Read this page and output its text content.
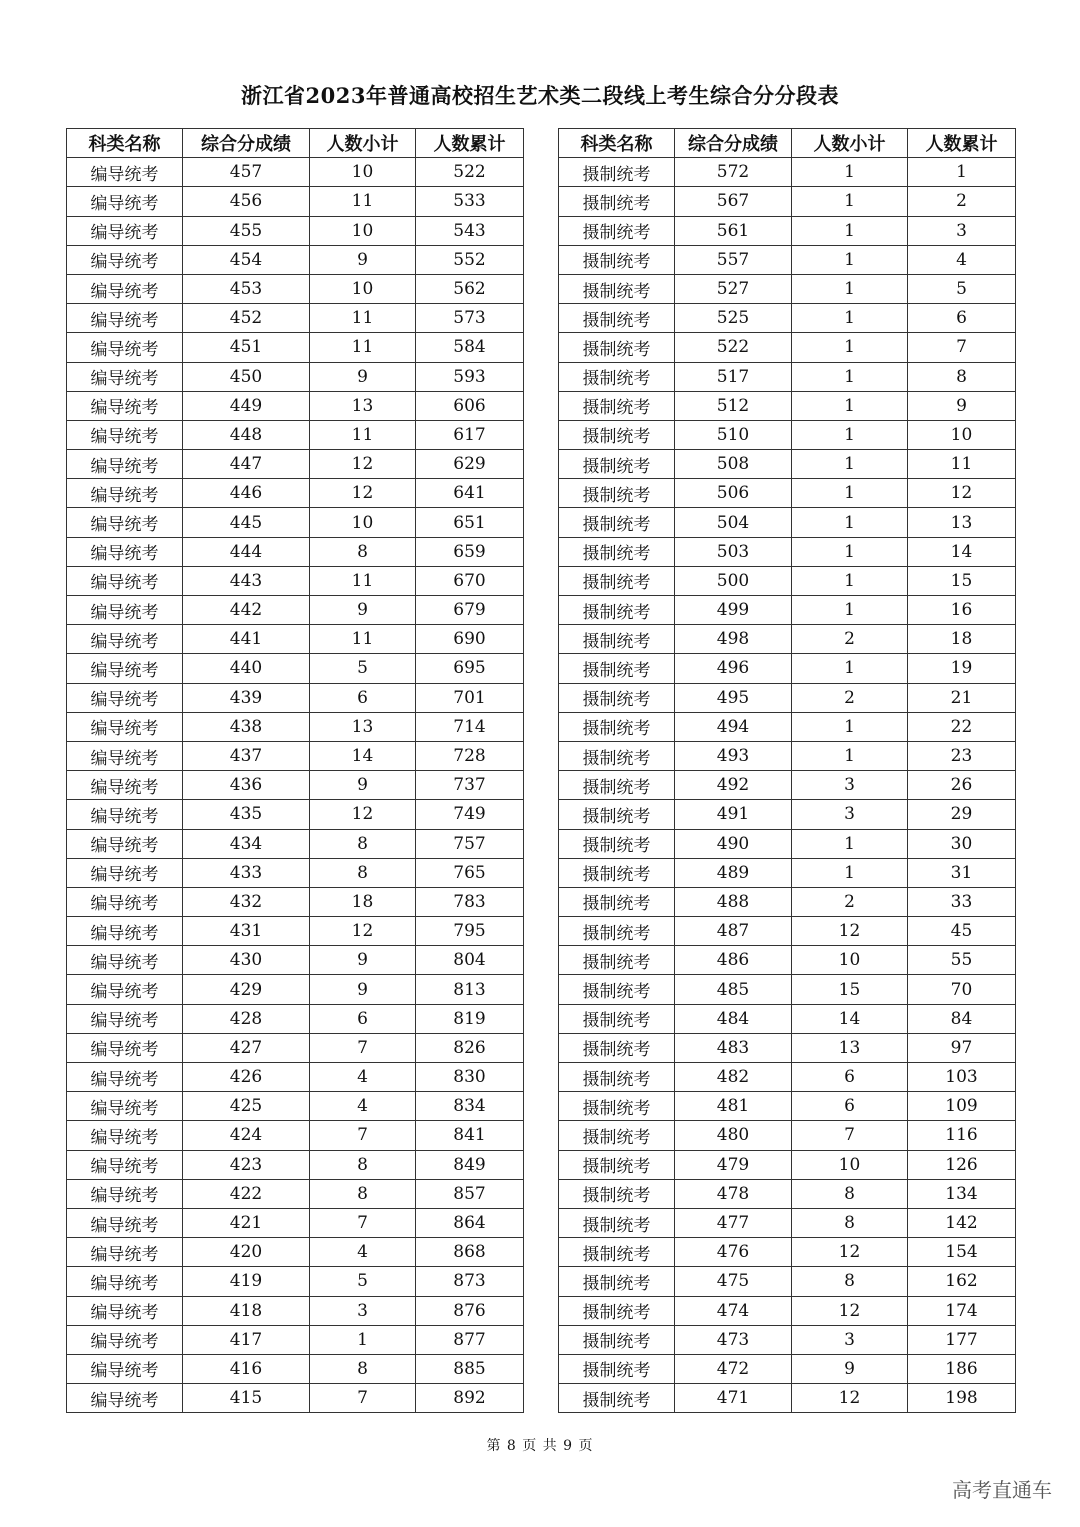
浙江省2023年普通高校招生艺术类二段线上考生综合分分段表
科类名称	综合分成绩	人数小计	人数累计
编导统考	457	10	522
编导统考	456	11	533
编导统考	455	10	543
编导统考	454	9	552
编导统考	453	10	562
编导统考	452	11	573
编导统考	451	11	584
编导统考	450	9	593
编导统考	449	13	606
编导统考	448	11	617
编导统考	447	12	629
编导统考	446	12	641
编导统考	445	10	651
编导统考	444	8	659
编导统考	443	11	670
编导统考	442	9	679
编导统考	441	11	690
编导统考	440	5	695
编导统考	439	6	701
编导统考	438	13	714
编导统考	437	14	728
编导统考	436	9	737
编导统考	435	12	749
编导统考	434	8	757
编导统考	433	8	765
编导统考	432	18	783
编导统考	431	12	795
编导统考	430	9	804
编导统考	429	9	813
编导统考	428	6	819
编导统考	427	7	826
编导统考	426	4	830
编导统考	425	4	834
编导统考	424	7	841
编导统考	423	8	849
编导统考	422	8	857
编导统考	421	7	864
编导统考	420	4	868
编导统考	419	5	873
编导统考	418	3	876
编导统考	417	1	877
编导统考	416	8	885
编导统考	415	7	892
科类名称	综合分成绩	人数小计	人数累计
摄制统考	572	1	1
摄制统考	567	1	2
摄制统考	561	1	3
摄制统考	557	1	4
摄制统考	527	1	5
摄制统考	525	1	6
摄制统考	522	1	7
摄制统考	517	1	8
摄制统考	512	1	9
摄制统考	510	1	10
摄制统考	508	1	11
摄制统考	506	1	12
摄制统考	504	1	13
摄制统考	503	1	14
摄制统考	500	1	15
摄制统考	499	1	16
摄制统考	498	2	18
摄制统考	496	1	19
摄制统考	495	2	21
摄制统考	494	1	22
摄制统考	493	1	23
摄制统考	492	3	26
摄制统考	491	3	29
摄制统考	490	1	30
摄制统考	489	1	31
摄制统考	488	2	33
摄制统考	487	12	45
摄制统考	486	10	55
摄制统考	485	15	70
摄制统考	484	14	84
摄制统考	483	13	97
摄制统考	482	6	103
摄制统考	481	6	109
摄制统考	480	7	116
摄制统考	479	10	126
摄制统考	478	8	134
摄制统考	477	8	142
摄制统考	476	12	154
摄制统考	475	8	162
摄制统考	474	12	174
摄制统考	473	3	177
摄制统考	472	9	186
摄制统考	471	12	198
第 8 页 共 9 页
高考直通车
